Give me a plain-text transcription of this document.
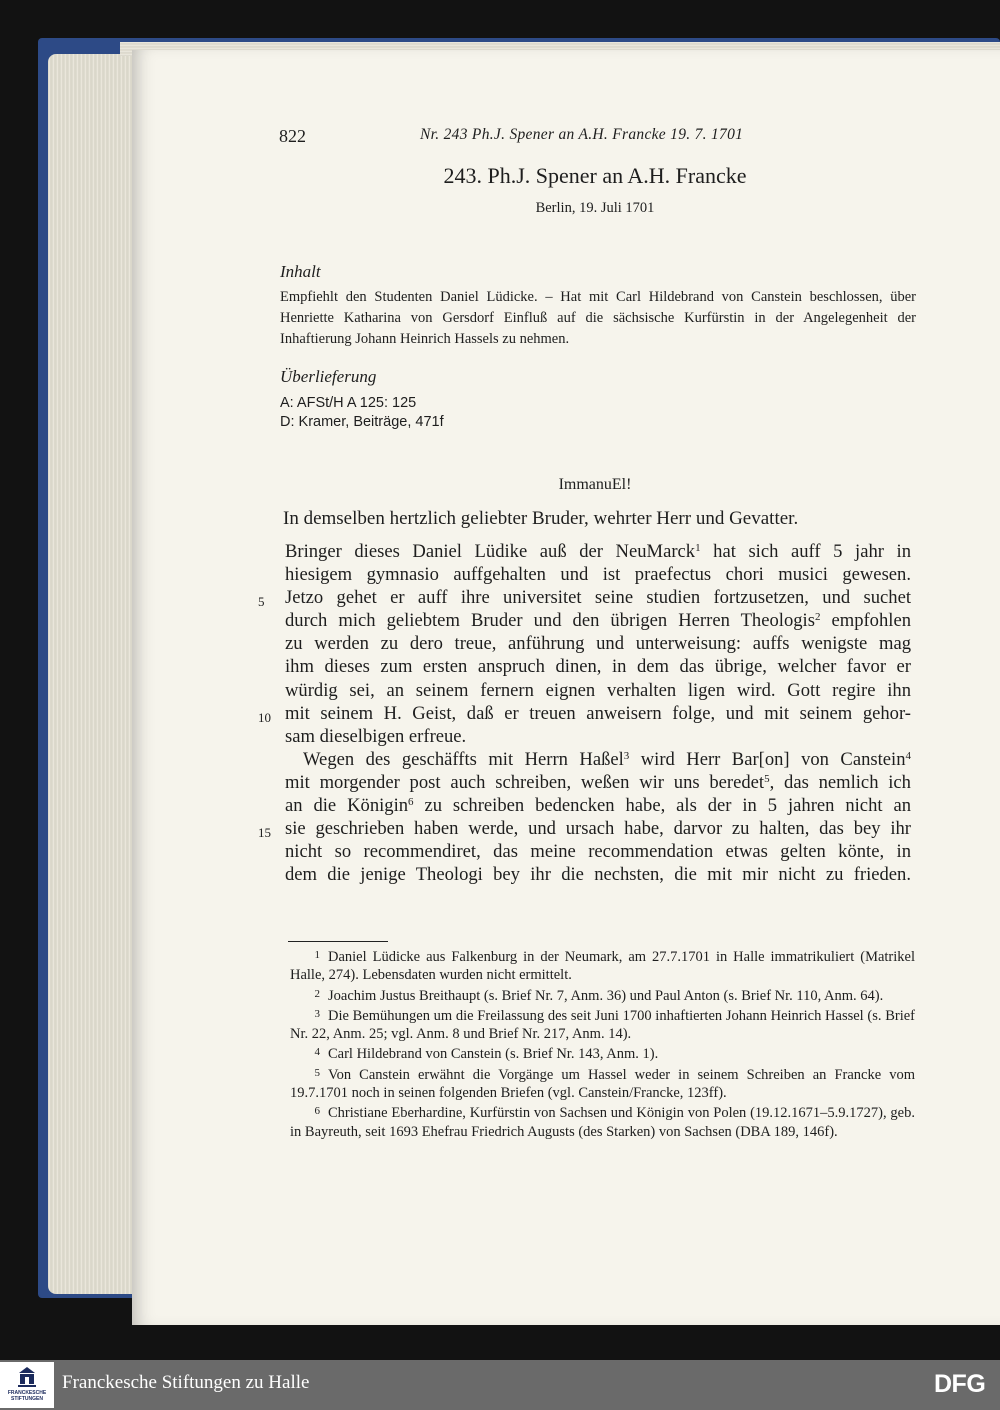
822	Nr. 243 Ph.J. Spener an A.H. Francke 19. 7. 1701
243. Ph.J. Spener an A.H. Francke
Berlin, 19. Juli 1701
Inhalt
Empfiehlt den Studenten Daniel Lüdicke. – Hat mit Carl Hildebrand von Canstein beschlossen, über Henriette Katharina von Gersdorf Einfluß auf die sächsische Kurfürstin in der Angelegenheit der Inhaftierung Johann Heinrich Hassels zu nehmen.
Überlieferung
A: AFSt/H A 125: 125
D: Kramer, Beiträge, 471f
ImmanuEl!
In demselben hertzlich geliebter Bruder, wehrter Herr und Gevatter.
Bringer dieses Daniel Lüdike auß der NeuMarck$^1$ hat sich auff 5 jahr in
hiesigem gymnasio auffgehalten und ist praefectus chori musici gewesen.
Jetzo gehet er auff ihre universitet seine studien fortzusetzen, und suchet
durch mich geliebtem Bruder und den übrigen Herren Theologis$^2$ empfohlen
zu werden zu dero treue, anführung und unterweisung: auffs wenigste mag
ihm dieses zum ersten anspruch dinen, in dem das übrige, welcher favor er
würdig sei, an seinem fernern eignen verhalten ligen wird. Gott regire ihn
mit seinem H. Geist, daß er treuen anweisern folge, und mit seinem gehor-
sam dieselbigen erfreue.
Wegen des geschäffts mit Herrn Haßel$^3$ wird Herr Bar[on] von Canstein$^4$
mit morgender post auch schreiben, weßen wir uns beredet$^5$, das nemlich ich
an die Königin$^6$ zu schreiben bedencken habe, als der in 5 jahren nicht an
sie geschrieben haben werde, und ursach habe, darvor zu halten, das bey ihr
nicht so recommendiret, das meine recommendation etwas gelten könte, in
dem die jenige Theologi bey ihr die nechsten, die mit mir nicht zu frieden.
5
10
15
1 Daniel Lüdicke aus Falkenburg in der Neumark, am 27.7.1701 in Halle immatrikuliert (Matrikel Halle, 274). Lebensdaten wurden nicht ermittelt.
2 Joachim Justus Breithaupt (s. Brief Nr. 7, Anm. 36) und Paul Anton (s. Brief Nr. 110, Anm. 64).
3 Die Bemühungen um die Freilassung des seit Juni 1700 inhaftierten Johann Heinrich Hassel (s. Brief Nr. 22, Anm. 25; vgl. Anm. 8 und Brief Nr. 217, Anm. 14).
4 Carl Hildebrand von Canstein (s. Brief Nr. 143, Anm. 1).
5 Von Canstein erwähnt die Vorgänge um Hassel weder in seinem Schreiben an Francke vom 19.7.1701 noch in seinen folgenden Briefen (vgl. Canstein/Francke, 123ff).
6 Christiane Eberhardine, Kurfürstin von Sachsen und Königin von Polen (19.12.1671–5.9.1727), geb. in Bayreuth, seit 1693 Ehefrau Friedrich Augusts (des Starken) von Sachsen (DBA 189, 146f).
FRANCKESCHE STIFTUNGEN
Franckesche Stiftungen zu Halle	DFG
